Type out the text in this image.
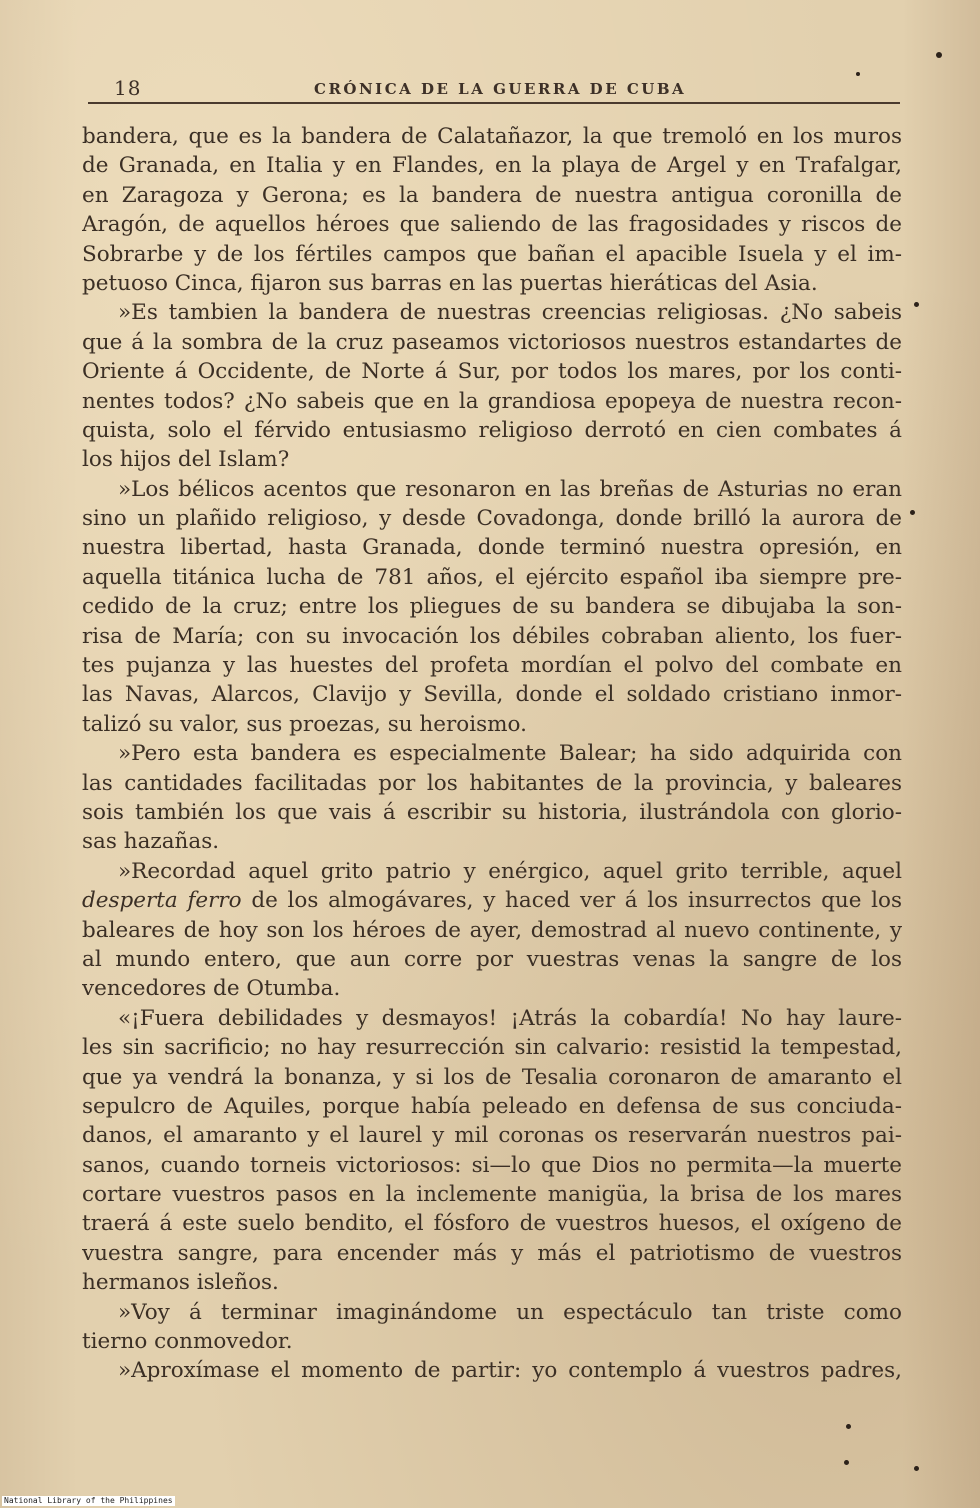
18	CRÓNICA DE LA GUERRA DE CUBA
bandera, que es la bandera de Calatañazor, la que tremoló en los muros
de Granada, en Italia y en Flandes, en la playa de Argel y en Trafalgar,
en Zaragoza y Gerona; es la bandera de nuestra antigua coronilla de
Aragón, de aquellos héroes que saliendo de las fragosidades y riscos de
Sobrarbe y de los fértiles campos que bañan el apacible Isuela y el im-
petuoso Cinca, fijaron sus barras en las puertas hieráticas del Asia.
»Es tambien la bandera de nuestras creencias religiosas. ¿No sabeis
que á la sombra de la cruz paseamos victoriosos nuestros estandartes de
Oriente á Occidente, de Norte á Sur, por todos los mares, por los conti-
nentes todos? ¿No sabeis que en la grandiosa epopeya de nuestra recon-
quista, solo el férvido entusiasmo religioso derrotó en cien combates á
los hijos del Islam?
»Los bélicos acentos que resonaron en las breñas de Asturias no eran
sino un plañido religioso, y desde Covadonga, donde brilló la aurora de
nuestra libertad, hasta Granada, donde terminó nuestra opresión, en
aquella titánica lucha de 781 años, el ejército español iba siempre pre-
cedido de la cruz; entre los pliegues de su bandera se dibujaba la son-
risa de María; con su invocación los débiles cobraban aliento, los fuer-
tes pujanza y las huestes del profeta mordían el polvo del combate en
las Navas, Alarcos, Clavijo y Sevilla, donde el soldado cristiano inmor-
talizó su valor, sus proezas, su heroismo.
»Pero esta bandera es especialmente Balear; ha sido adquirida con
las cantidades facilitadas por los habitantes de la provincia, y baleares
sois también los que vais á escribir su historia, ilustrándola con glorio-
sas hazañas.
»Recordad aquel grito patrio y enérgico, aquel grito terrible, aquel
desperta ferro de los almogávares, y haced ver á los insurrectos que los
baleares de hoy son los héroes de ayer, demostrad al nuevo continente, y
al mundo entero, que aun corre por vuestras venas la sangre de los
vencedores de Otumba.
«¡Fuera debilidades y desmayos! ¡Atrás la cobardía! No hay laure-
les sin sacrificio; no hay resurrección sin calvario: resistid la tempestad,
que ya vendrá la bonanza, y si los de Tesalia coronaron de amaranto el
sepulcro de Aquiles, porque había peleado en defensa de sus conciuda-
danos, el amaranto y el laurel y mil coronas os reservarán nuestros pai-
sanos, cuando torneis victoriosos: si—lo que Dios no permita—la muerte
cortare vuestros pasos en la inclemente manigüa, la brisa de los mares
traerá á este suelo bendito, el fósforo de vuestros huesos, el oxígeno de
vuestra sangre, para encender más y más el patriotismo de vuestros
hermanos isleños.
»Voy á terminar imaginándome un espectáculo tan triste como
tierno conmovedor.
»Aproxímase el momento de partir: yo contemplo á vuestros padres,
National Library of the Philippines
